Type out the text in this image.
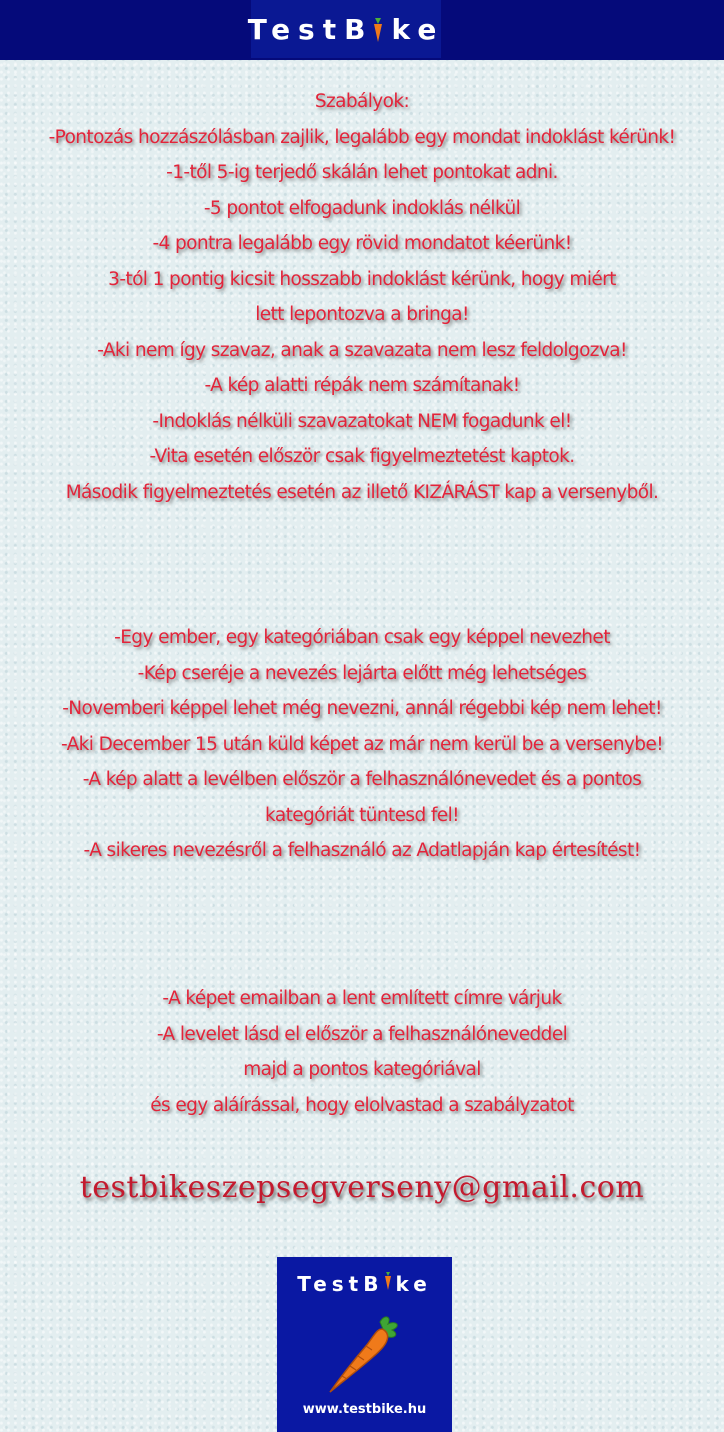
TestB ke
Szabályok:
-Pontozás hozzászólásban zajlik, legalább egy mondat indoklást kérünk!
-1-től 5-ig terjedő skálán lehet pontokat adni.
-5 pontot elfogadunk indoklás nélkül
-4 pontra legalább egy rövid mondatot kéerünk!
3-tól 1 pontig kicsit hosszabb indoklást kérünk, hogy miért
lett lepontozva a bringa!
-Aki nem így szavaz, anak a szavazata nem lesz feldolgozva!
-A kép alatti répák nem számítanak!
-Indoklás nélküli szavazatokat NEM fogadunk el!
-Vita esetén először csak figyelmeztetést kaptok.
Második figyelmeztetés esetén az illető KIZÁRÁST kap a versenyből.
-Egy ember, egy kategóriában csak egy képpel nevezhet
-Kép cseréje a nevezés lejárta előtt még lehetséges
-Novemberi képpel lehet még nevezni, annál régebbi kép nem lehet!
-Aki December 15 után küld képet az már nem kerül be a versenybe!
-A kép alatt a levélben először a felhasználónevedet és a pontos
kategóriát tüntesd fel!
-A sikeres nevezésről a felhasználó az Adatlapján kap értesítést!
-A képet emailban a lent említett címre várjuk
-A levelet lásd el először a felhasználóneveddel
majd a pontos kategóriával
és egy aláírással, hogy elolvastad a szabályzatot
testbikeszepsegverseny@gmail.com
TestB ke
www.testbike.hu
